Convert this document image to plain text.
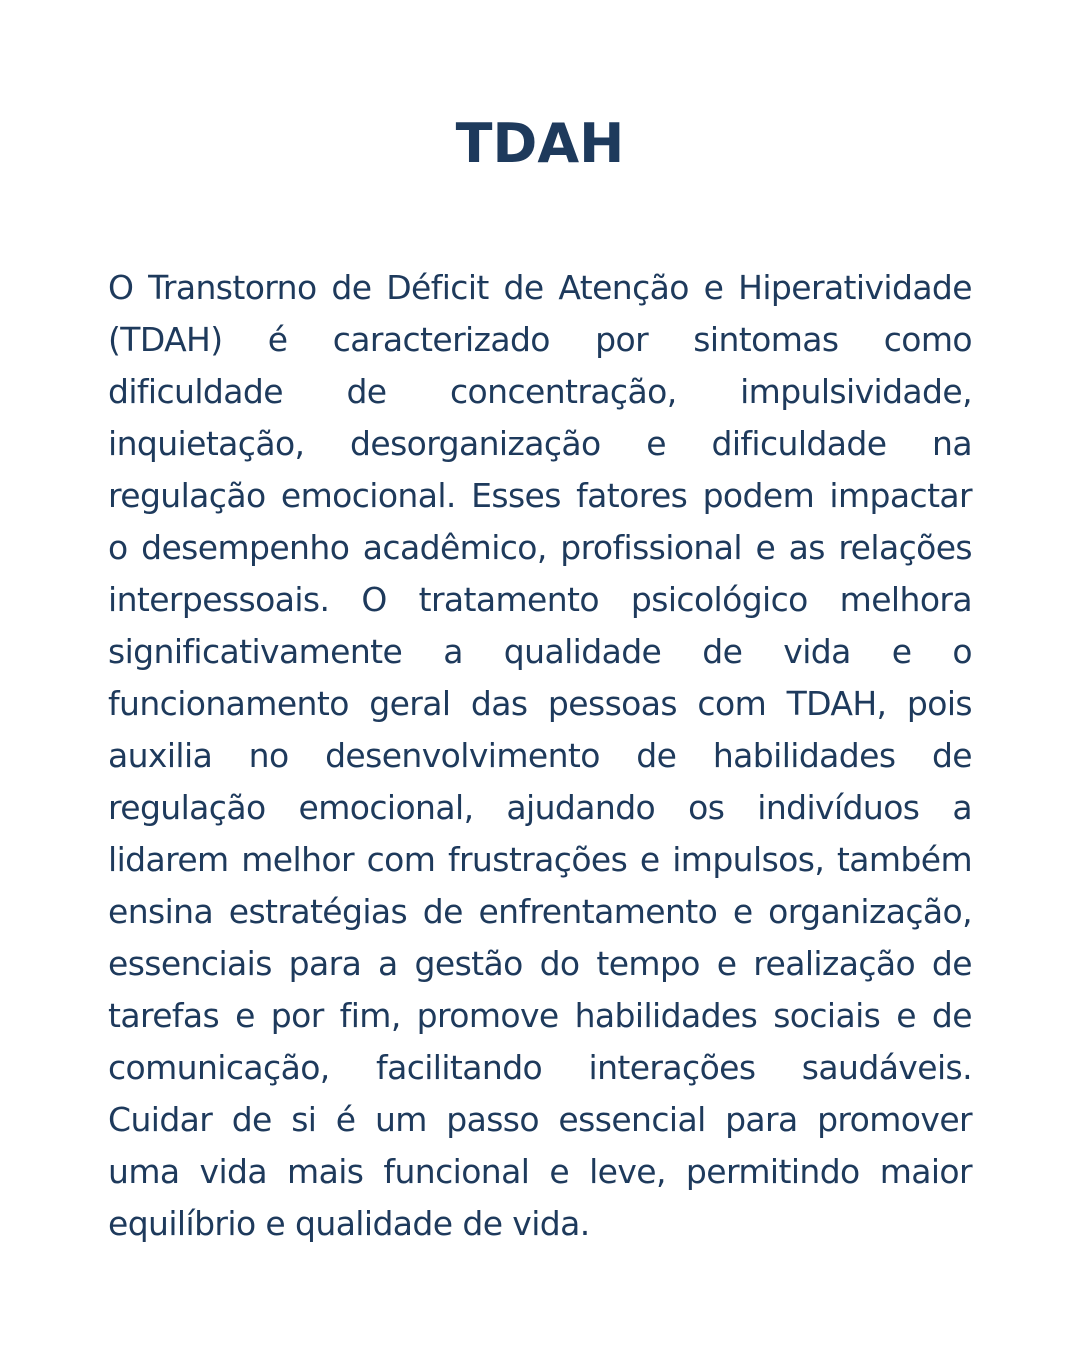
TDAH

O Transtorno de Déficit de Atenção e Hiperatividade (TDAH) é caracterizado por sintomas como dificuldade de concentração, impulsividade, inquietação, desorganização e dificuldade na regulação emocional. Esses fatores podem impactar o desempenho acadêmico, profissional e as relações interpessoais. O tratamento psicológico melhora significativamente a qualidade de vida e o funcionamento geral das pessoas com TDAH, pois auxilia no desenvolvimento de habilidades de regulação emocional, ajudando os indivíduos a lidarem melhor com frustrações e impulsos, também ensina estratégias de enfrentamento e organização, essenciais para a gestão do tempo e realização de tarefas e por fim, promove habilidades sociais e de comunicação, facilitando interações saudáveis. Cuidar de si é um passo essencial para promover uma vida mais funcional e leve, permitindo maior equilíbrio e qualidade de vida.
